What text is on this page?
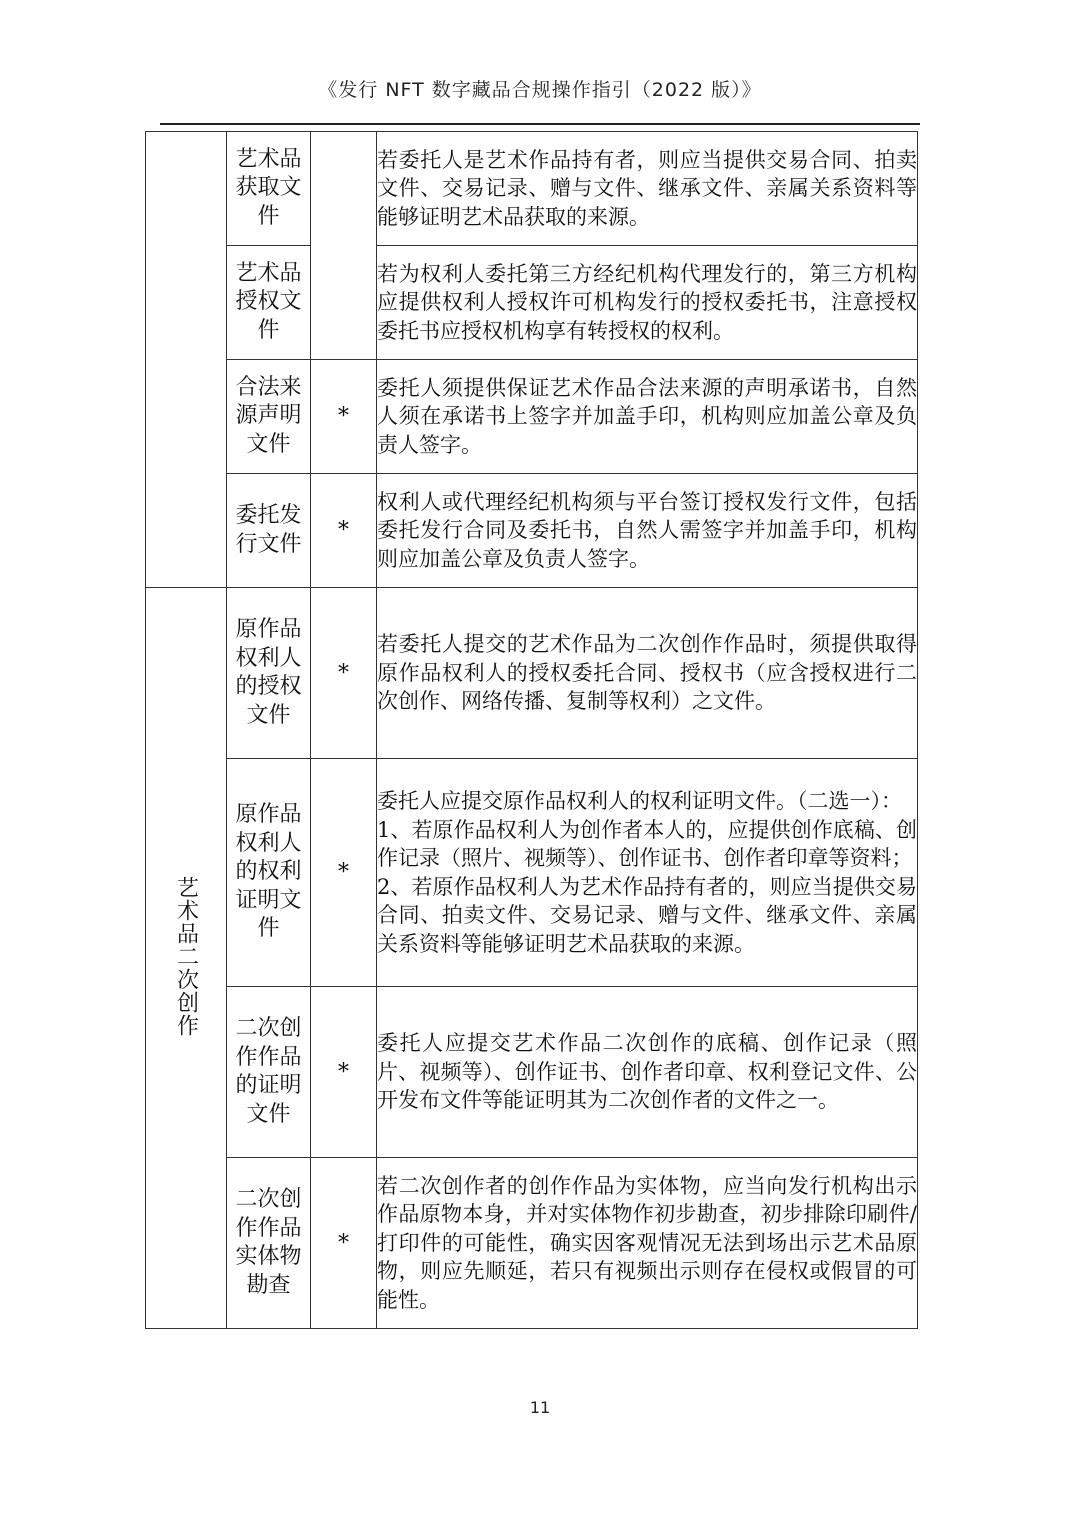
《发行 NFT 数字藏品合规操作指引（2022 版）》
	艺术品获取文件		若委托人是艺术作品持有者，则应当提供交易合同、拍卖文件、交易记录、赠与文件、继承文件、亲属关系资料等能够证明艺术品获取的来源。
	艺术品授权文件		若为权利人委托第三方经纪机构代理发行的，第三方机构应提供权利人授权许可机构发行的授权委托书，注意授权委托书应授权机构享有转授权的权利。
	合法来源声明文件	*	委托人须提供保证艺术作品合法来源的声明承诺书，自然人须在承诺书上签字并加盖手印，机构则应加盖公章及负责人签字。
	委托发行文件	*	权利人或代理经纪机构须与平台签订授权发行文件，包括委托发行合同及委托书，自然人需签字并加盖手印，机构则应加盖公章及负责人签字。
艺术品二次创作	原作品权利人的授权文件	*	若委托人提交的艺术作品为二次创作作品时，须提供取得原作品权利人的授权委托合同、授权书（应含授权进行二次创作、网络传播、复制等权利）之文件。
	原作品权利人的权利证明文件	*	委托人应提交原作品权利人的权利证明文件。（二选一）：
1、若原作品权利人为创作者本人的，应提供创作底稿、创作记录（照片、视频等）、创作证书、创作者印章等资料；
2、若原作品权利人为艺术作品持有者的，则应当提供交易合同、拍卖文件、交易记录、赠与文件、继承文件、亲属关系资料等能够证明艺术品获取的来源。
	二次创作作品的证明文件	*	委托人应提交艺术作品二次创作的底稿、创作记录（照片、视频等）、创作证书、创作者印章、权利登记文件、公开发布文件等能证明其为二次创作者的文件之一。
	二次创作作品实体物勘查	*	若二次创作者的创作作品为实体物，应当向发行机构出示作品原物本身，并对实体物作初步勘查，初步排除印刷件/打印件的可能性，确实因客观情况无法到场出示艺术品原物，则应先顺延，若只有视频出示则存在侵权或假冒的可能性。
11
